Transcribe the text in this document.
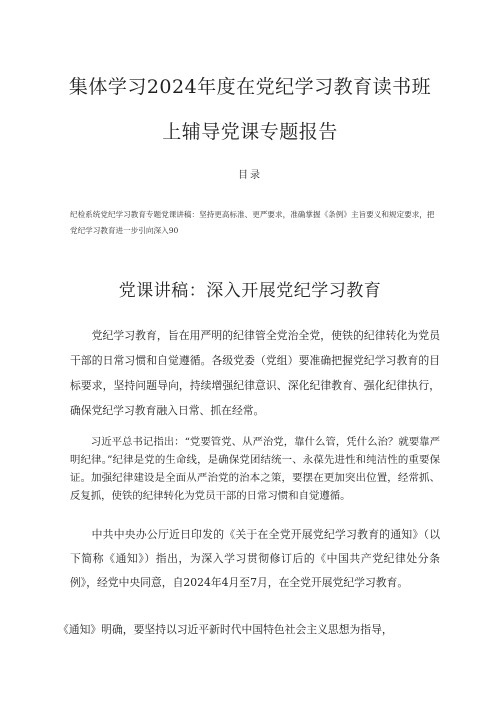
集体学习2024年度在党纪学习教育读书班
上辅导党课专题报告
目录
纪检系统党纪学习教育专题党课讲稿：坚持更高标准、更严要求，准确掌握《条例》主旨要义和规定要求，把党纪学习教育进一步引向深入90
党课讲稿：深入开展党纪学习教育

党纪学习教育，旨在用严明的纪律管全党治全党，使铁的纪律转化为党员干部的日常习惯和自觉遵循。各级党委（党组）要准确把握党纪学习教育的目标要求，坚持问题导向，持续增强纪律意识、深化纪律教育、强化纪律执行，确保党纪学习教育融入日常、抓在经常。

习近平总书记指出：“党要管党、从严治党，靠什么管，凭什么治？就要靠严明纪律。”纪律是党的生命线，是确保党团结统一、永葆先进性和纯洁性的重要保证。加强纪律建设是全面从严治党的治本之策，要摆在更加突出位置，经常抓、反复抓，使铁的纪律转化为党员干部的日常习惯和自觉遵循。

中共中央办公厅近日印发的《关于在全党开展党纪学习教育的通知》（以下简称《通知》）指出，为深入学习贯彻修订后的《中国共产党纪律处分条例》，经党中央同意，自2024年4月至7月，在全党开展党纪学习教育。

《通知》明确，要坚持以习近平新时代中国特色社会主义思想为指导，
